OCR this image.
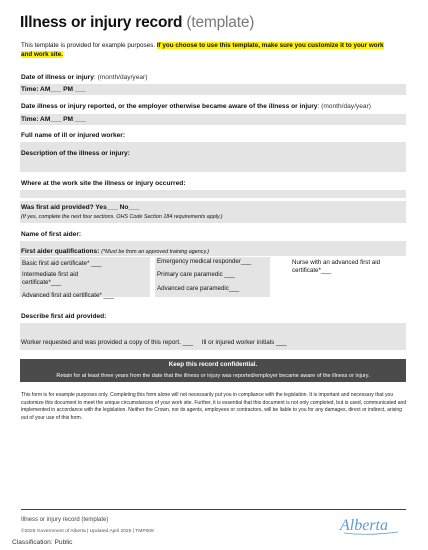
Illness or injury record (template)
This template is provided for example purposes. If you choose to use this template, make sure you customize it to your work and work site.
Date of illness or injury: (month/day/year)
Time: AM___ PM ___
Date illness or injury reported, or the employer otherwise became aware of the illness or injury: (month/day/year)
Time: AM___ PM ___
Full name of ill or injured worker:
Description of the illness or injury:
Where at the work site the illness or injury occurred:
Was first aid provided? Yes___ No___
(If yes, complete the next four sections. OHS Code Section 184 requirements apply.)
Name of first aider:
First aider qualifications: (*Must be from an approved training agency.)
Basic first aid certificate* ___
Intermediate first aid certificate*___
Advanced first aid certificate* ___
Emergency medical responder___
Primary care paramedic ___
Advanced care paramedic___
Nurse with an advanced first aid certificate*___
Describe first aid provided:
Worker requested and was provided a copy of this report. ___     Ill or injured worker initials ___
Keep this record confidential.
Retain for at least three years from the date that the illness or injury was reported/employer became aware of the illness or injury.
This form is for example purposes only. Completing this form alone will not necessarily put you in compliance with the legislation. It is important and necessary that you customize this document to meet the unique circumstances of your work site. Further, it is essential that this document is not only completed, but is used, communicated and implemented in accordance with the legislation. Neither the Crown, nor its agents, employees or contractors, will be liable to you for any damages, direct or indirect, arising out of your use of this form.
Illness or injury record (template)
©2025 Government of Alberta | Updated April 2025 | TMP009
Classification: Public
Alberta
